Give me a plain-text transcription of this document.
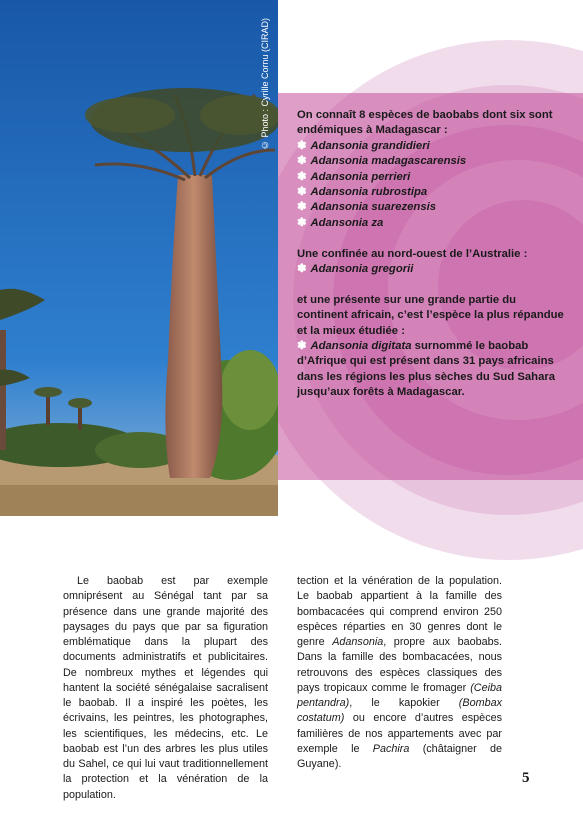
© Photo : Cyrille Cornu (CIRAD)	On connaît 8 espèces de baobabs dont six sont endémiques à Madagascar :

✽ Adansonia grandidieri
✽ Adansonia madagascarensis
✽ Adansonia perrieri
✽ Adansonia rubrostipa
✽ Adansonia suarezensis
✽ Adansonia za

Une confinée au nord-ouest de l’Australie :

✽ Adansonia gregorii

et une présente sur une grande partie du continent africain, c’est l’espèce la plus répandue et la mieux étudiée :

✽ Adansonia digitata surnommé le baobab d’Afrique qui est présent dans 31 pays africains dans les régions les plus sèches du Sud Sahara jusqu’aux forêts à Madagascar.

Le baobab est par exemple omniprésent au Sénégal tant par sa présence dans une grande majorité des paysages du pays que par sa figuration emblématique dans la plupart des documents administratifs et publicitaires. De nombreux mythes et légendes qui hantent la société sénégalaise sacralisent le baobab. Il a inspiré les poètes, les écrivains, les peintres, les photographes, les scientifiques, les médecins, etc. Le baobab est l’un des arbres les plus utiles du Sahel, ce qui lui vaut traditionnellement la protection et la vénération de la population.

tection et la vénération de la population. Le baobab appartient à la famille des bombacacées qui comprend environ 250 espèces réparties en 30 genres dont le genre Adansonia, propre aux baobabs. Dans la famille des bombacacées, nous retrouvons des espèces classiques des pays tropicaux comme le fromager (Ceiba pentandra), le kapokier (Bombax costatum) ou encore d’autres espèces familières de nos appartements avec par exemple le Pachira (châtaigner de Guyane).

5
